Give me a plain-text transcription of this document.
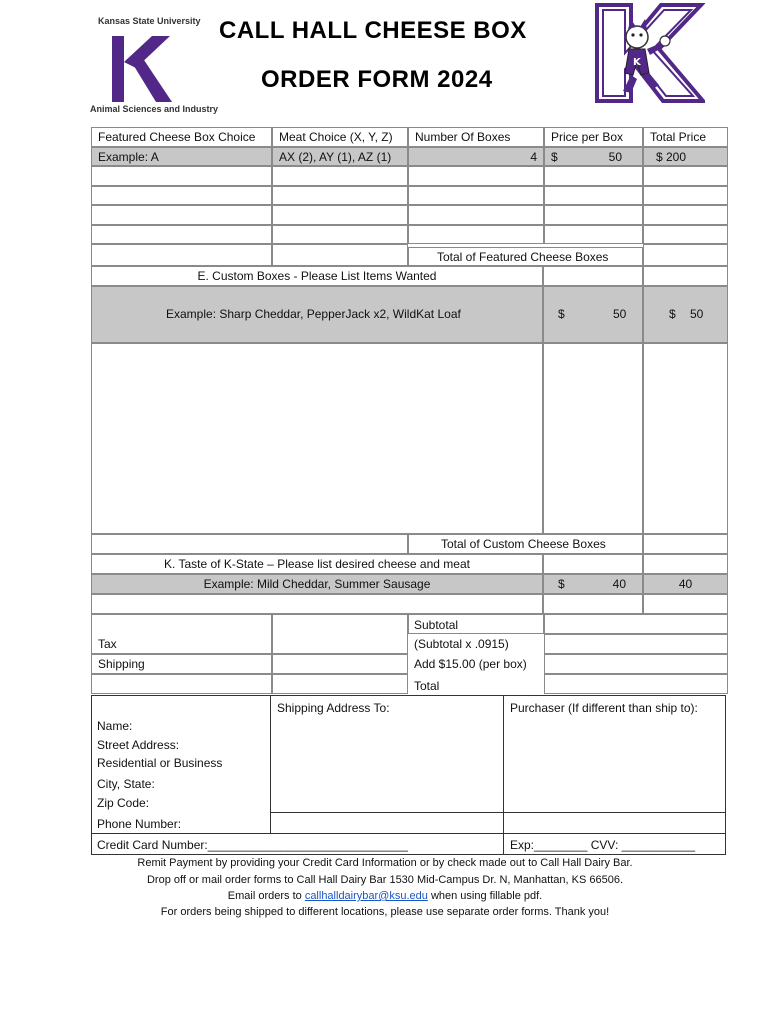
Kansas State University
Animal Sciences and Industry
CALL HALL CHEESE BOX
ORDER FORM 2024
K
Featured Cheese Box Choice	Meat Choice (X, Y, Z)	Number Of Boxes	Price per Box	Total Price
Example: A	AX (2), AY (1), AZ (1)	4	$	50	$ 200
Total of Featured Cheese Boxes
E. Custom Boxes - Please List Items Wanted
Example: Sharp Cheddar, PepperJack x2, WildKat Loaf	$	50	$ 50
Total of Custom Cheese Boxes
K. Taste of K-State – Please list desired cheese and meat
Example: Mild Cheddar, Summer Sausage	$	40	40
Subtotal
Tax	(Subtotal x .0915)
Shipping	Add $15.00 (per box)
Total
Shipping Address To:	Purchaser (If different than ship to):
Name:
Street Address:
Residential or Business
City, State:
Zip Code:
Phone Number:
Credit Card Number:______________________________	Exp:________ CVV: ___________
Remit Payment by providing your Credit Card Information or by check made out to Call Hall Dairy Bar.
Drop off or mail order forms to Call Hall Dairy Bar 1530 Mid-Campus Dr. N, Manhattan, KS 66506.
Email orders to callhalldairybar@ksu.edu when using fillable pdf.
For orders being shipped to different locations, please use separate order forms. Thank you!
